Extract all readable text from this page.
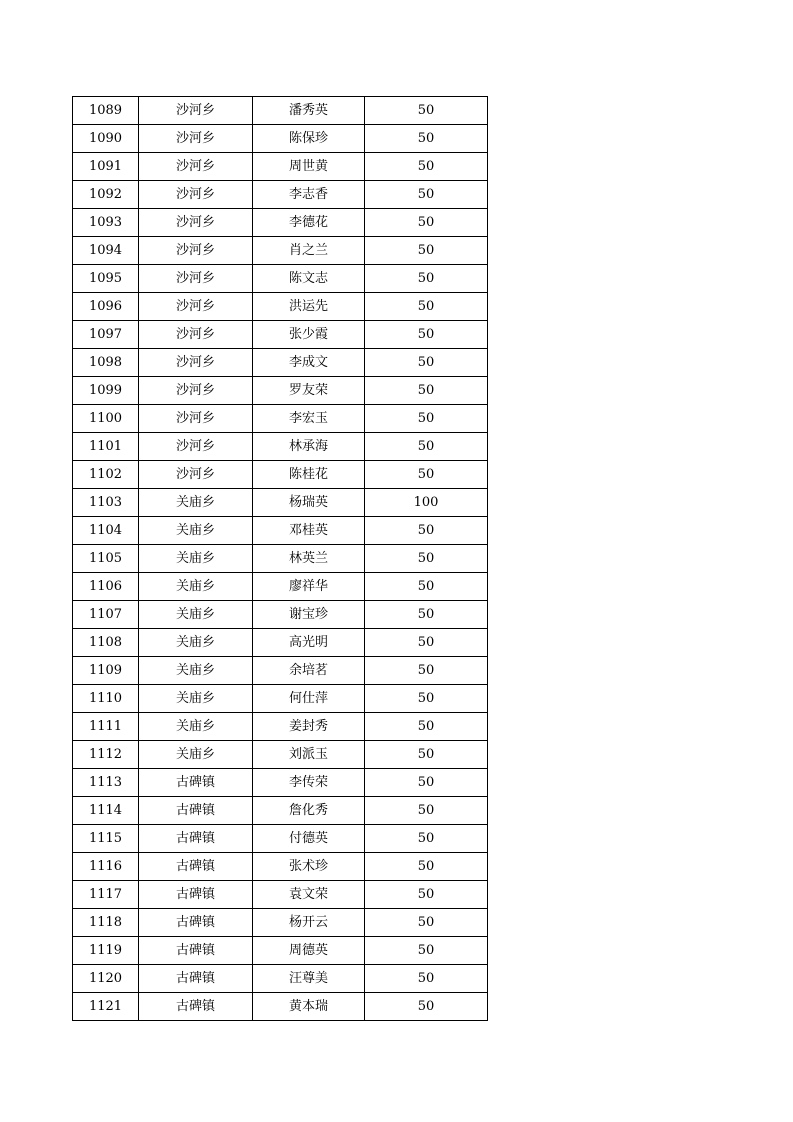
1089	沙河乡	潘秀英	50
1090	沙河乡	陈保珍	50
1091	沙河乡	周世黄	50
1092	沙河乡	李志香	50
1093	沙河乡	李德花	50
1094	沙河乡	肖之兰	50
1095	沙河乡	陈文志	50
1096	沙河乡	洪运先	50
1097	沙河乡	张少霞	50
1098	沙河乡	李成文	50
1099	沙河乡	罗友荣	50
1100	沙河乡	李宏玉	50
1101	沙河乡	林承海	50
1102	沙河乡	陈桂花	50
1103	关庙乡	杨瑞英	100
1104	关庙乡	邓桂英	50
1105	关庙乡	林英兰	50
1106	关庙乡	廖祥华	50
1107	关庙乡	谢宝珍	50
1108	关庙乡	高光明	50
1109	关庙乡	余培茗	50
1110	关庙乡	何仕萍	50
1111	关庙乡	姜封秀	50
1112	关庙乡	刘派玉	50
1113	古碑镇	李传荣	50
1114	古碑镇	詹化秀	50
1115	古碑镇	付德英	50
1116	古碑镇	张术珍	50
1117	古碑镇	袁文荣	50
1118	古碑镇	杨开云	50
1119	古碑镇	周德英	50
1120	古碑镇	汪尊美	50
1121	古碑镇	黄本瑞	50
